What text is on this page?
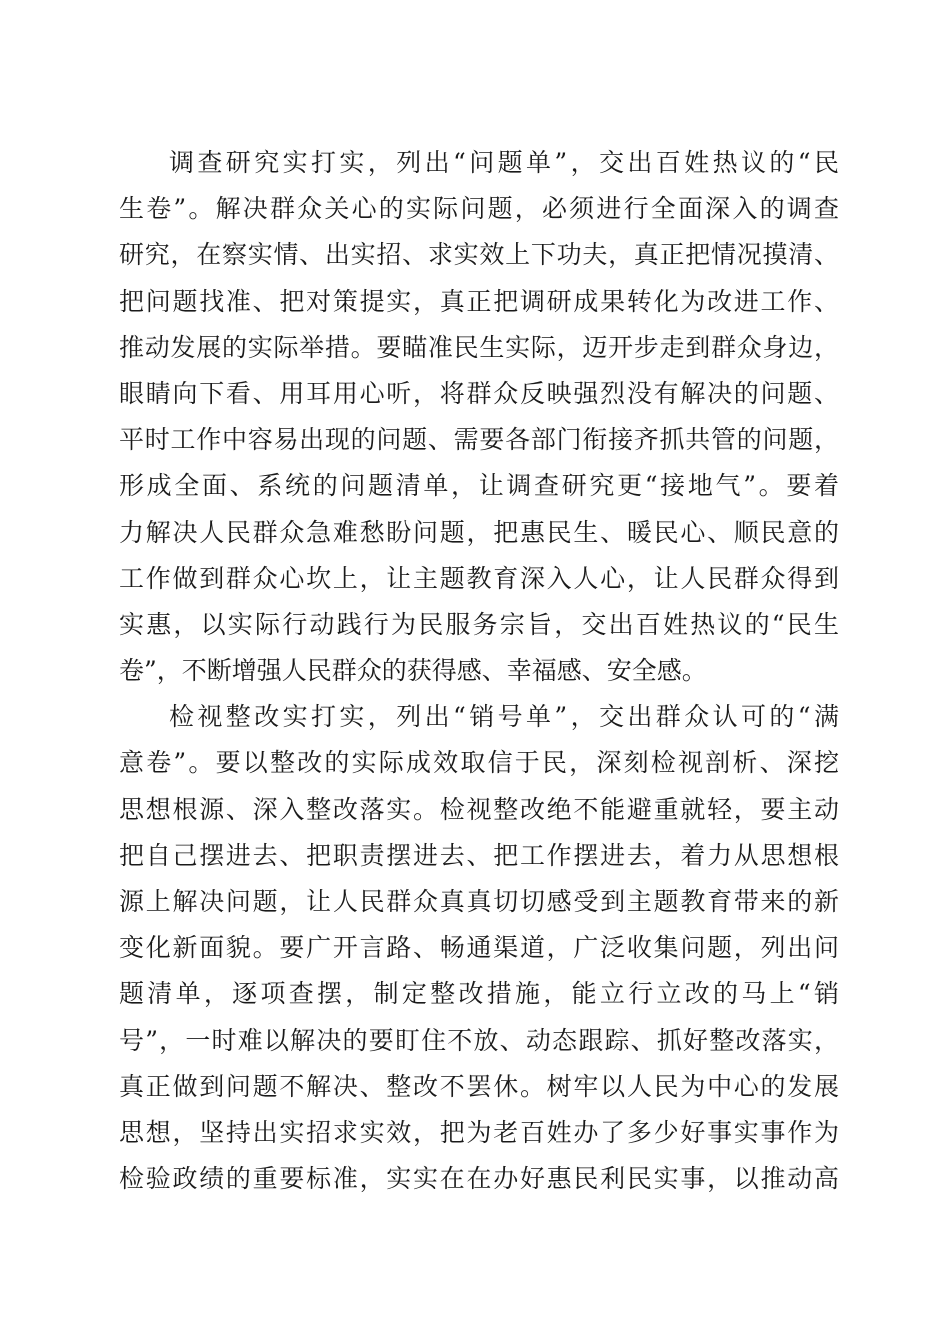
调查研究实打实，列出“问题单”，交出百姓热议的“民
生卷”。解决群众关心的实际问题，必须进行全面深入的调查
研究，在察实情、出实招、求实效上下功夫，真正把情况摸清、
把问题找准、把对策提实，真正把调研成果转化为改进工作、
推动发展的实际举措。要瞄准民生实际，迈开步走到群众身边，
眼睛向下看、用耳用心听，将群众反映强烈没有解决的问题、
平时工作中容易出现的问题、需要各部门衔接齐抓共管的问题，
形成全面、系统的问题清单，让调查研究更“接地气”。要着
力解决人民群众急难愁盼问题，把惠民生、暖民心、顺民意的
工作做到群众心坎上，让主题教育深入人心，让人民群众得到
实惠，以实际行动践行为民服务宗旨，交出百姓热议的“民生
卷”，不断增强人民群众的获得感、幸福感、安全感。
检视整改实打实，列出“销号单”，交出群众认可的“满
意卷”。要以整改的实际成效取信于民，深刻检视剖析、深挖
思想根源、深入整改落实。检视整改绝不能避重就轻，要主动
把自己摆进去、把职责摆进去、把工作摆进去，着力从思想根
源上解决问题，让人民群众真真切切感受到主题教育带来的新
变化新面貌。要广开言路、畅通渠道，广泛收集问题，列出问
题清单，逐项查摆，制定整改措施，能立行立改的马上“销
号”，一时难以解决的要盯住不放、动态跟踪、抓好整改落实，
真正做到问题不解决、整改不罢休。树牢以人民为中心的发展
思想，坚持出实招求实效，把为老百姓办了多少好事实事作为
检验政绩的重要标准，实实在在办好惠民利民实事，以推动高
